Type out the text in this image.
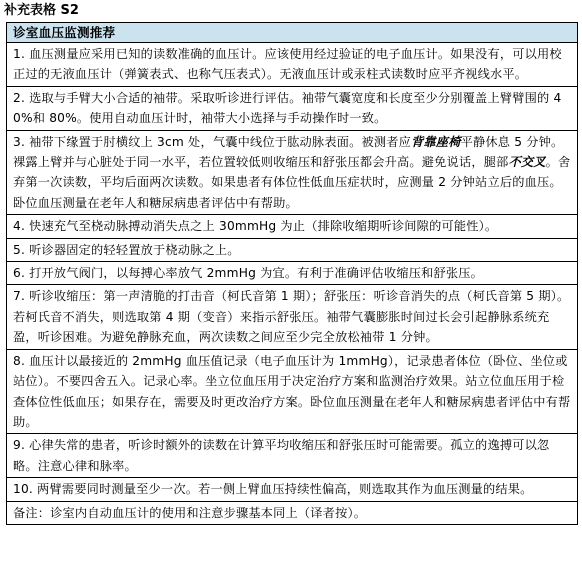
补充表格 S2
诊室血压监测推荐
1. 血压测量应采用已知的读数准确的血压计。应该使用经过验证的电子血压计。如果没有，可以用校正过的无液血压计（弹簧表式、也称气压表式）。无液血压计或汞柱式读数时应平齐视线水平。
2. 选取与手臂大小合适的袖带。采取听诊进行评估。袖带气囊宽度和长度至少分别覆盖上臂臂围的 40%和 80%。使用自动血压计时，袖带大小选择与手动操作时一致。
3. 袖带下缘置于肘横纹上 3cm 处，气囊中线位于肱动脉表面。被测者应背靠座椅平静休息 5 分钟。裸露上臂并与心脏处于同一水平，若位置较低则收缩压和舒张压都会升高。避免说话，腿部不交叉。舍弃第一次读数，平均后面两次读数。如果患者有体位性低血压症状时，应测量 2 分钟站立后的血压。卧位血压测量在老年人和糖尿病患者评估中有帮助。
4. 快速充气至桡动脉搏动消失点之上 30mmHg 为止（排除收缩期听诊间隙的可能性）。
5. 听诊器固定的轻轻置放于桡动脉之上。
6. 打开放气阀门，以每搏心率放气 2mmHg 为宜。有利于准确评估收缩压和舒张压。
7. 听诊收缩压：第一声清脆的打击音（柯氏音第 1 期）；舒张压：听诊音消失的点（柯氏音第 5 期）。若柯氏音不消失，则选取第 4 期（变音）来指示舒张压。袖带气囊膨胀时间过长会引起静脉系统充盈，听诊困难。为避免静脉充血，两次读数之间应至少完全放松袖带 1 分钟。
8. 血压计以最接近的 2mmHg 血压值记录（电子血压计为 1mmHg），记录患者体位（卧位、坐位或站位）。不要四舍五入。记录心率。坐立位血压用于决定治疗方案和监测治疗效果。站立位血压用于检查体位性低血压；如果存在，需要及时更改治疗方案。卧位血压测量在老年人和糖尿病患者评估中有帮助。
9. 心律失常的患者，听诊时额外的读数在计算平均收缩压和舒张压时可能需要。孤立的逸搏可以忽略。注意心律和脉率。
10. 两臂需要同时测量至少一次。若一侧上臂血压持续性偏高，则选取其作为血压测量的结果。
备注：诊室内自动血压计的使用和注意步骤基本同上（译者按）。
